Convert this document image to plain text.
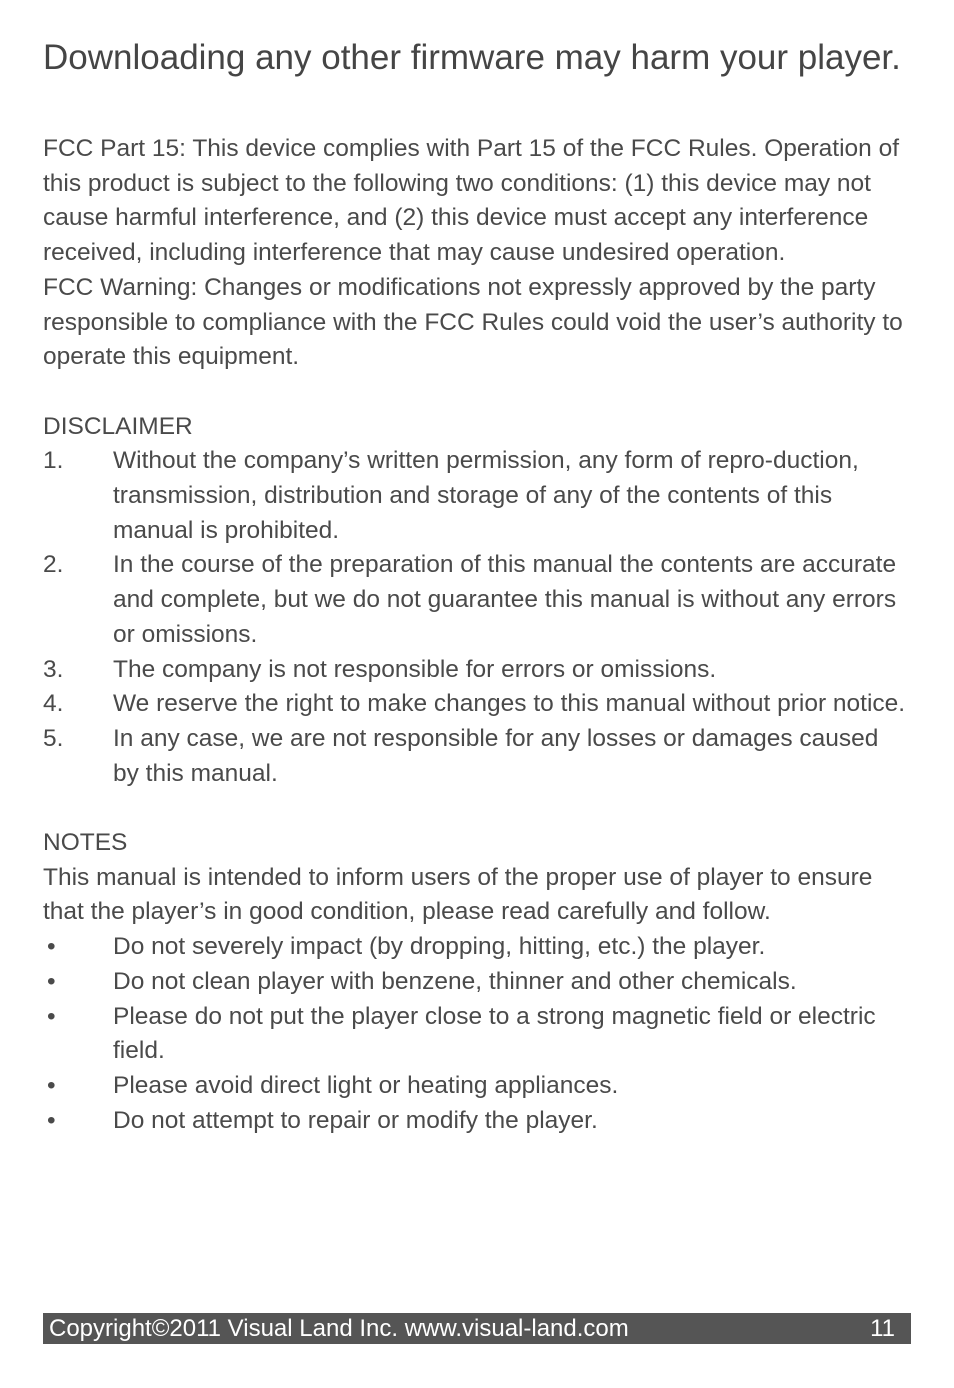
Downloading any other firmware may harm your player.

FCC Part 15: This device complies with Part 15 of the FCC Rules. Operation of this product is subject to the following two conditions: (1) this device may not cause harmful interference, and (2) this device must accept any interference received, including interference that may cause undesired operation.

FCC Warning: Changes or modifications not expressly approved by the party responsible to compliance with the FCC Rules could void the user’s authority to operate this equipment.

DISCLAIMER

1.	Without the company’s written permission, any form of repro-duction, transmission, distribution and storage of any of the contents of this manual is prohibited.
2.	In the course of the preparation of this manual the contents are accurate and complete, but we do not guarantee this manual is without any errors or omissions.
3.	The company is not responsible for errors or omissions.
4.	We reserve the right to make changes to this manual without prior notice.
5.	In any case, we are not responsible for any losses or damages caused by this manual.

NOTES

This manual is intended to inform users of the proper use of player to ensure that the player’s in good condition, please read carefully and follow.

•	Do not severely impact (by dropping, hitting, etc.) the player.
•	Do not clean player with benzene, thinner and other chemicals.
•	Please do not put the player close to a strong magnetic field or electric field.
•	Please avoid direct light or heating appliances.
•	Do not attempt to repair or modify the player.
Copyright©2011 Visual Land Inc. www.visual-land.com	11
